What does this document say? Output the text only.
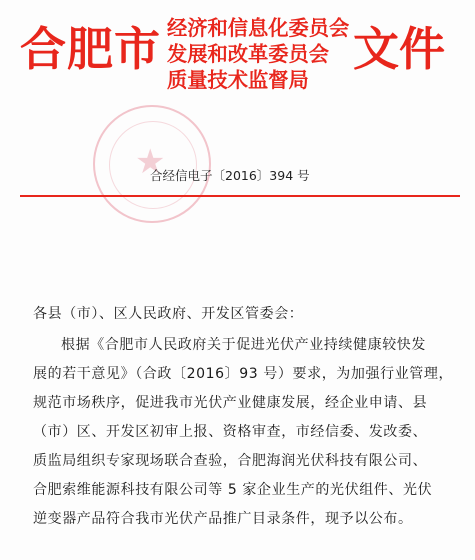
合肥市 经济和信息化委员会
发展和改革委员会
质量技术监督局
文件
★
合经信电子〔2016〕394 号
各县（市）、区人民政府、开发区管委会：
根据《合肥市人民政府关于促进光伏产业持续健康较快发
展的若干意见》（合政〔2016〕93 号）要求，为加强行业管理，
规范市场秩序，促进我市光伏产业健康发展，经企业申请、县
（市）区、开发区初审上报、资格审查，市经信委、发改委、
质监局组织专家现场联合查验，合肥海润光伏科技有限公司、
合肥索维能源科技有限公司等 5 家企业生产的光伏组件、光伏
逆变器产品符合我市光伏产品推广目录条件，现予以公布。
